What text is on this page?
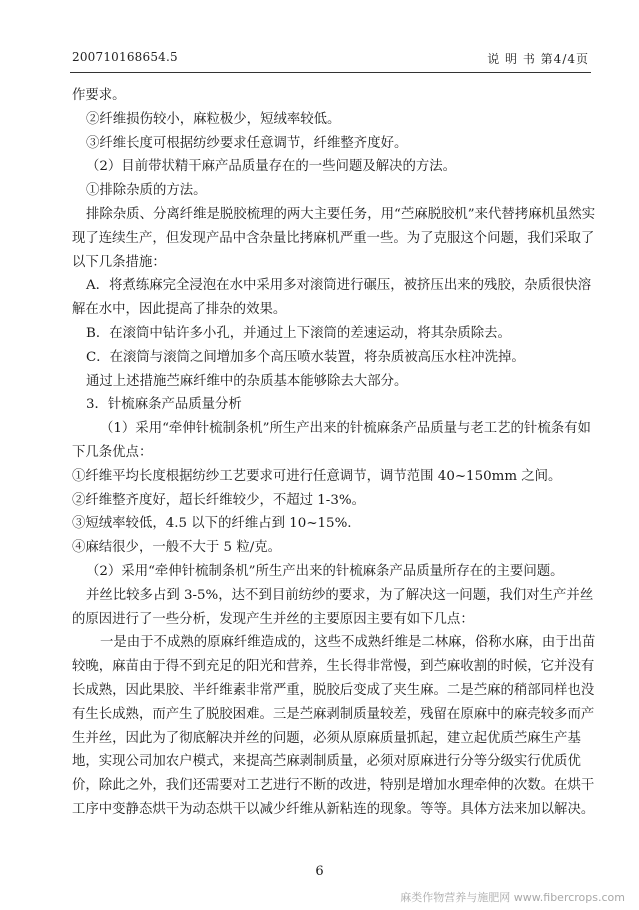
200710168654.5	说 明 书 第4/4页

作要求。

②纤维损伤较小，麻粒极少，短绒率较低。

③纤维长度可根据纺纱要求任意调节，纤维整齐度好。

（2）目前带状精干麻产品质量存在的一些问题及解决的方法。

①排除杂质的方法。

排除杂质、分离纤维是脱胶梳理的两大主要任务，用“苎麻脱胶机”来代替拷麻机虽然实现了连续生产，但发现产品中含杂量比拷麻机严重一些。为了克服这个问题，我们采取了以下几条措施：

A．将煮练麻完全浸泡在水中采用多对滚筒进行碾压，被挤压出来的残胶，杂质很快溶解在水中，因此提高了排杂的效果。

B．在滚筒中钻许多小孔，并通过上下滚筒的差速运动，将其杂质除去。

C．在滚筒与滚筒之间增加多个高压喷水装置，将杂质被高压水柱冲洗掉。

通过上述措施苎麻纤维中的杂质基本能够除去大部分。

3．针梳麻条产品质量分析

（1）采用“牵伸针梳制条机”所生产出来的针梳麻条产品质量与老工艺的针梳条有如下几条优点：

①纤维平均长度根据纺纱工艺要求可进行任意调节，调节范围 40~150mm 之间。

②纤维整齐度好，超长纤维较少，不超过 1-3%。

③短绒率较低，4.5 以下的纤维占到 10~15%.

④麻结很少，一般不大于 5 粒/克。

（2）采用“牵伸针梳制条机”所生产出来的针梳麻条产品质量所存在的主要问题。

并丝比较多占到 3-5%，达不到目前纺纱的要求，为了解决这一问题，我们对生产并丝的原因进行了一些分析，发现产生并丝的主要原因主要有如下几点：

一是由于不成熟的原麻纤维造成的，这些不成熟纤维是二林麻，俗称水麻，由于出苗较晚，麻苗由于得不到充足的阳光和营养，生长得非常慢，到苎麻收割的时候，它并没有长成熟，因此果胶、半纤维素非常严重，脱胶后变成了夹生麻。二是苎麻的稍部同样也没有生长成熟，而产生了脱胶困难。三是苎麻剥制质量较差，残留在原麻中的麻壳较多而产生并丝，因此为了彻底解决并丝的问题，必须从原麻质量抓起，建立起优质苎麻生产基地，实现公司加农户模式，来提高苎麻剥制质量，必须对原麻进行分等分级实行优质优价，除此之外，我们还需要对工艺进行不断的改进，特别是增加水理牵伸的次数。在烘干工序中变静态烘干为动态烘干以减少纤维从新粘连的现象。等等。具体方法来加以解决。

6
麻类作物营养与施肥网 www.fibercrops.com
